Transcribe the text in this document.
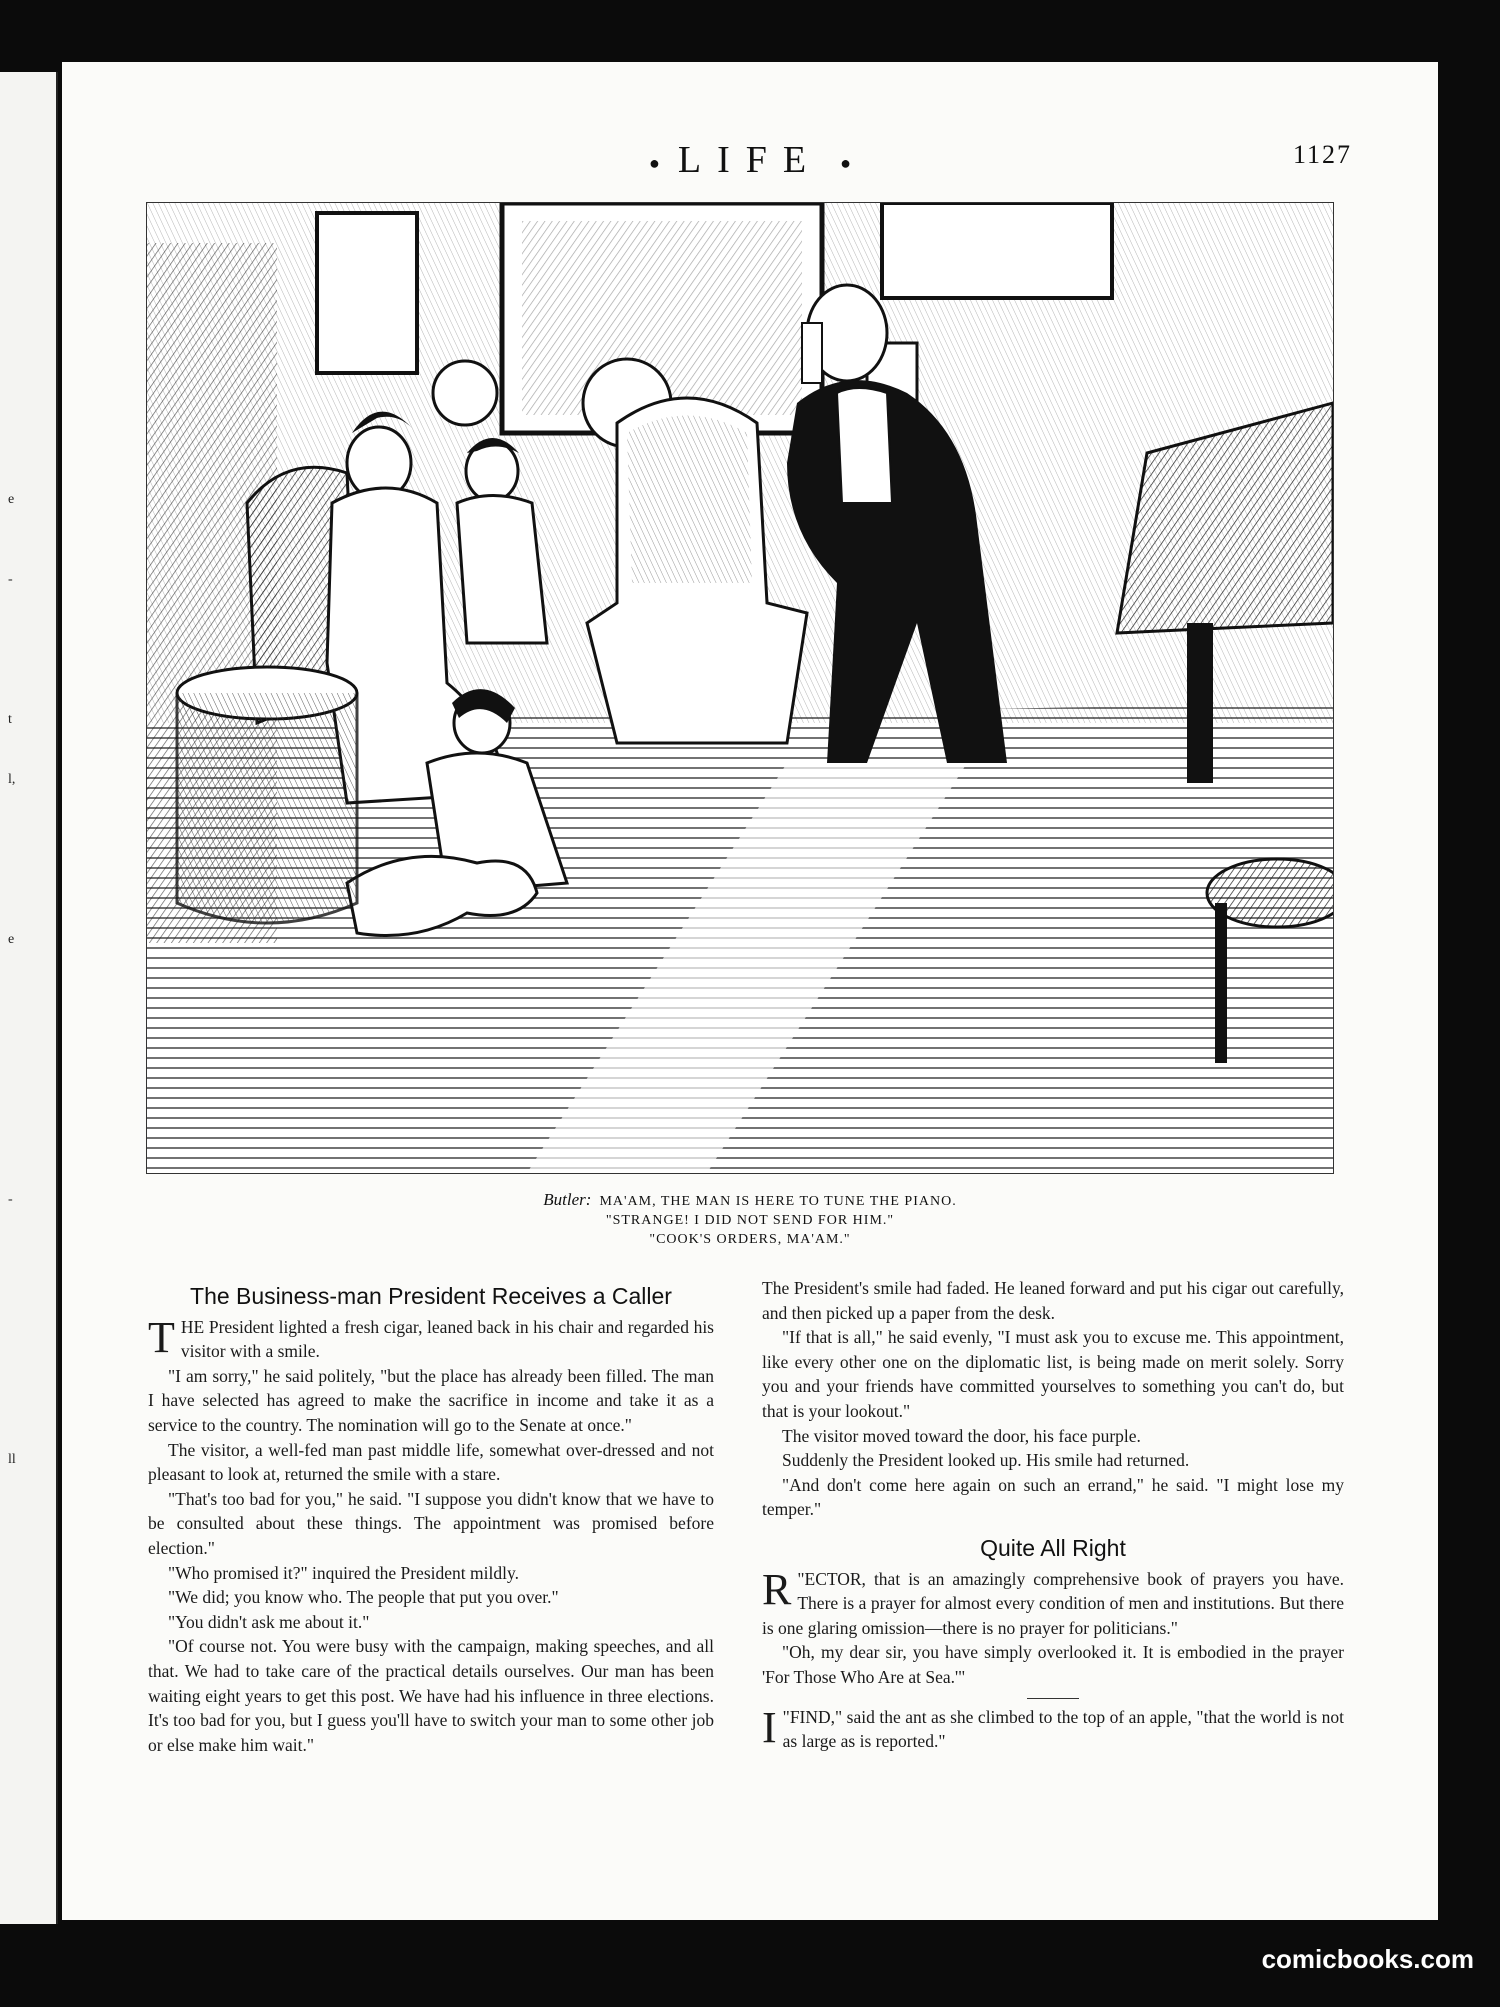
e
-
t
l,
e
-
ll
● LIFE ●	1127
Butler: MA'AM, THE MAN IS HERE TO TUNE THE PIANO.
"STRANGE! I DID NOT SEND FOR HIM."
"COOK'S ORDERS, MA'AM."
The Business-man President Receives a Caller

THE President lighted a fresh cigar, leaned back in his chair and regarded his visitor with a smile.

"I am sorry," he said politely, "but the place has already been filled. The man I have selected has agreed to make the sacrifice in income and take it as a service to the country. The nomination will go to the Senate at once."

The visitor, a well-fed man past middle life, somewhat over-dressed and not pleasant to look at, returned the smile with a stare.

"That's too bad for you," he said. "I suppose you didn't know that we have to be consulted about these things. The appointment was promised before election."

"Who promised it?" inquired the President mildly.

"We did; you know who. The people that put you over."

"You didn't ask me about it."

"Of course not. You were busy with the campaign, making speeches, and all that. We had to take care of the practical details ourselves. Our man has been waiting eight years to get this post. We have had his influence in three elections. It's too bad for you, but I guess you'll have to switch your man to some other job or else make him wait."

The President's smile had faded. He leaned forward and put his cigar out carefully, and then picked up a paper from the desk.

"If that is all," he said evenly, "I must ask you to excuse me. This appointment, like every other one on the diplomatic list, is being made on merit solely. Sorry you and your friends have committed yourselves to something you can't do, but that is your lookout."

The visitor moved toward the door, his face purple.

Suddenly the President looked up. His smile had returned.

"And don't come here again on such an errand," he said. "I might lose my temper."

Quite All Right

R "ECTOR, that is an amazingly comprehensive book of prayers you have. There is a prayer for almost every condition of men and institutions. But there is one glaring omission—there is no prayer for politicians."

"Oh, my dear sir, you have simply overlooked it. It is embodied in the prayer 'For Those Who Are at Sea.'"

I "FIND," said the ant as she climbed to the top of an apple, "that the world is not as large as is reported."

comicbooks.com
